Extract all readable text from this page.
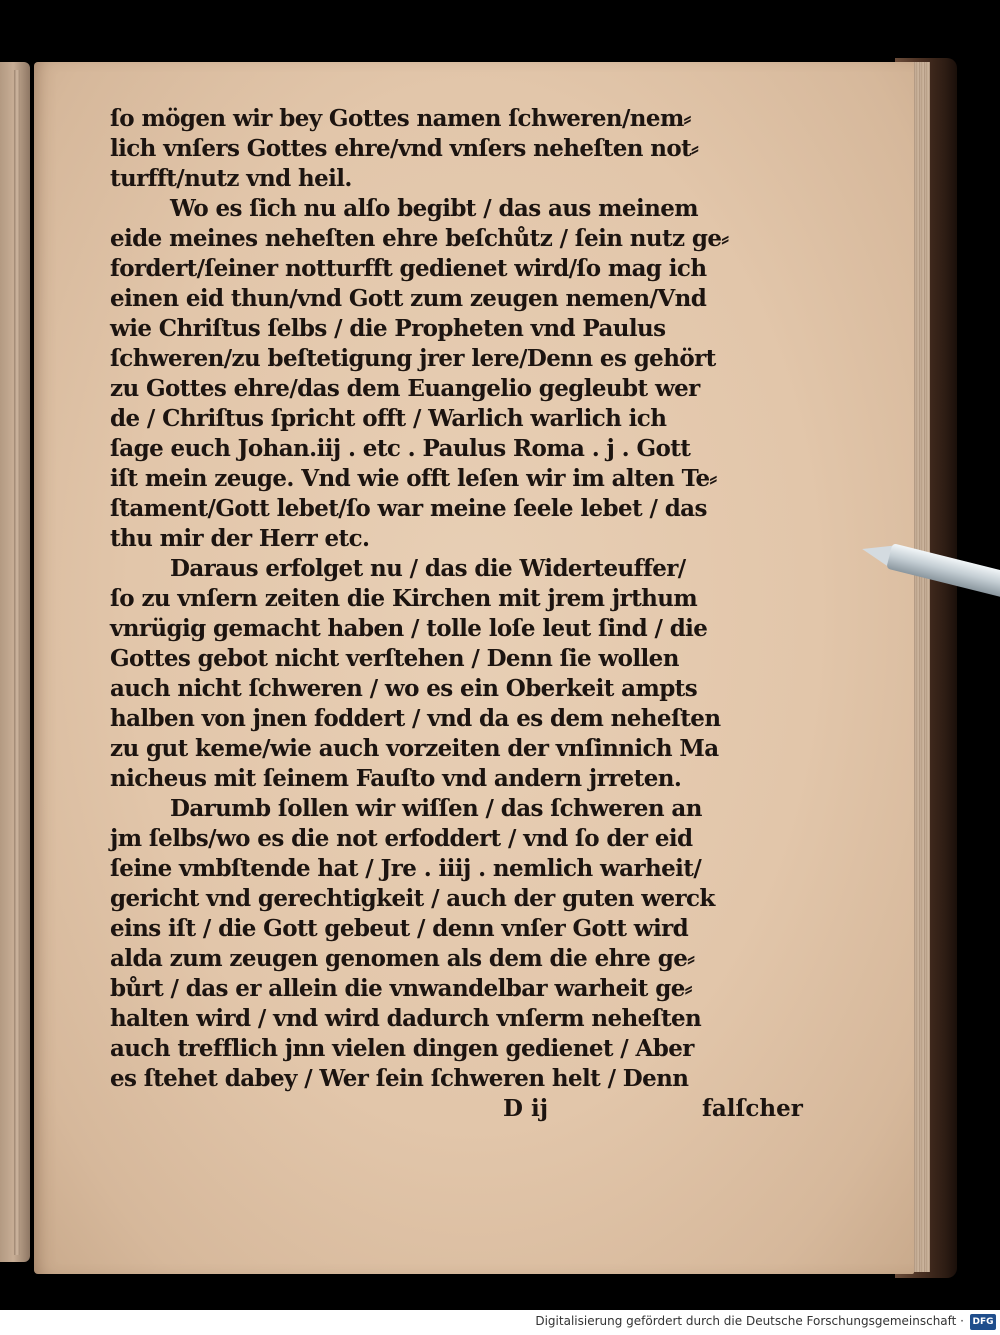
ſo mögen wir bey Gottes namen ſchweren/nem⸗
lich vnſers Gottes ehre/vnd vnſers neheſten not⸗
turfft/nutz vnd heil.
Wo es ſich nu alſo begibt / das aus meinem
eide meines neheſten ehre beſchůtz / ſein nutz ge⸗
fordert/ſeiner notturfft gedienet wird/ſo mag ich
einen eid thun/vnd Gott zum zeugen nemen/Vnd
wie Chriſtus ſelbs / die Propheten vnd Paulus
ſchweren/zu beſtetigung jrer lere/Denn es gehört
zu Gottes ehre/das dem Euangelio gegleubt wer
de / Chriſtus ſpricht offt / Warlich warlich ich
ſage euch Johan.iij . etc . Paulus Roma . j . Gott
iſt mein zeuge. Vnd wie offt leſen wir im alten Te⸗
ſtament/Gott lebet/ſo war meine ſeele lebet / das
thu mir der Herr etc.
Daraus erfolget nu / das die Widerteuffer/
ſo zu vnſern zeiten die Kirchen mit jrem jrthum
vnrügig gemacht haben / tolle loſe leut ſind / die
Gottes gebot nicht verſtehen / Denn ſie wollen
auch nicht ſchweren / wo es ein Oberkeit ampts
halben von jnen foddert / vnd da es dem neheſten
zu gut keme/wie auch vorzeiten der vnſinnich Ma
nicheus mit ſeinem Fauſto vnd andern jrreten.
Darumb ſollen wir wiſſen / das ſchweren an
jm ſelbs/wo es die not erfoddert / vnd ſo der eid
ſeine vmbſtende hat / Jre . iiij . nemlich warheit/
gericht vnd gerechtigkeit / auch der guten werck
eins iſt / die Gott gebeut / denn vnſer Gott wird
alda zum zeugen genomen als dem die ehre ge⸗
bůrt / das er allein die vnwandelbar warheit ge⸗
halten wird / vnd wird dadurch vnſerm neheſten
auch trefflich jnn vielen dingen gedienet / Aber
es ſtehet dabey / Wer ſein ſchweren helt / Denn
D ij	falſcher
Digitalisierung gefördert durch die Deutsche Forschungsgemeinschaft · DFG
